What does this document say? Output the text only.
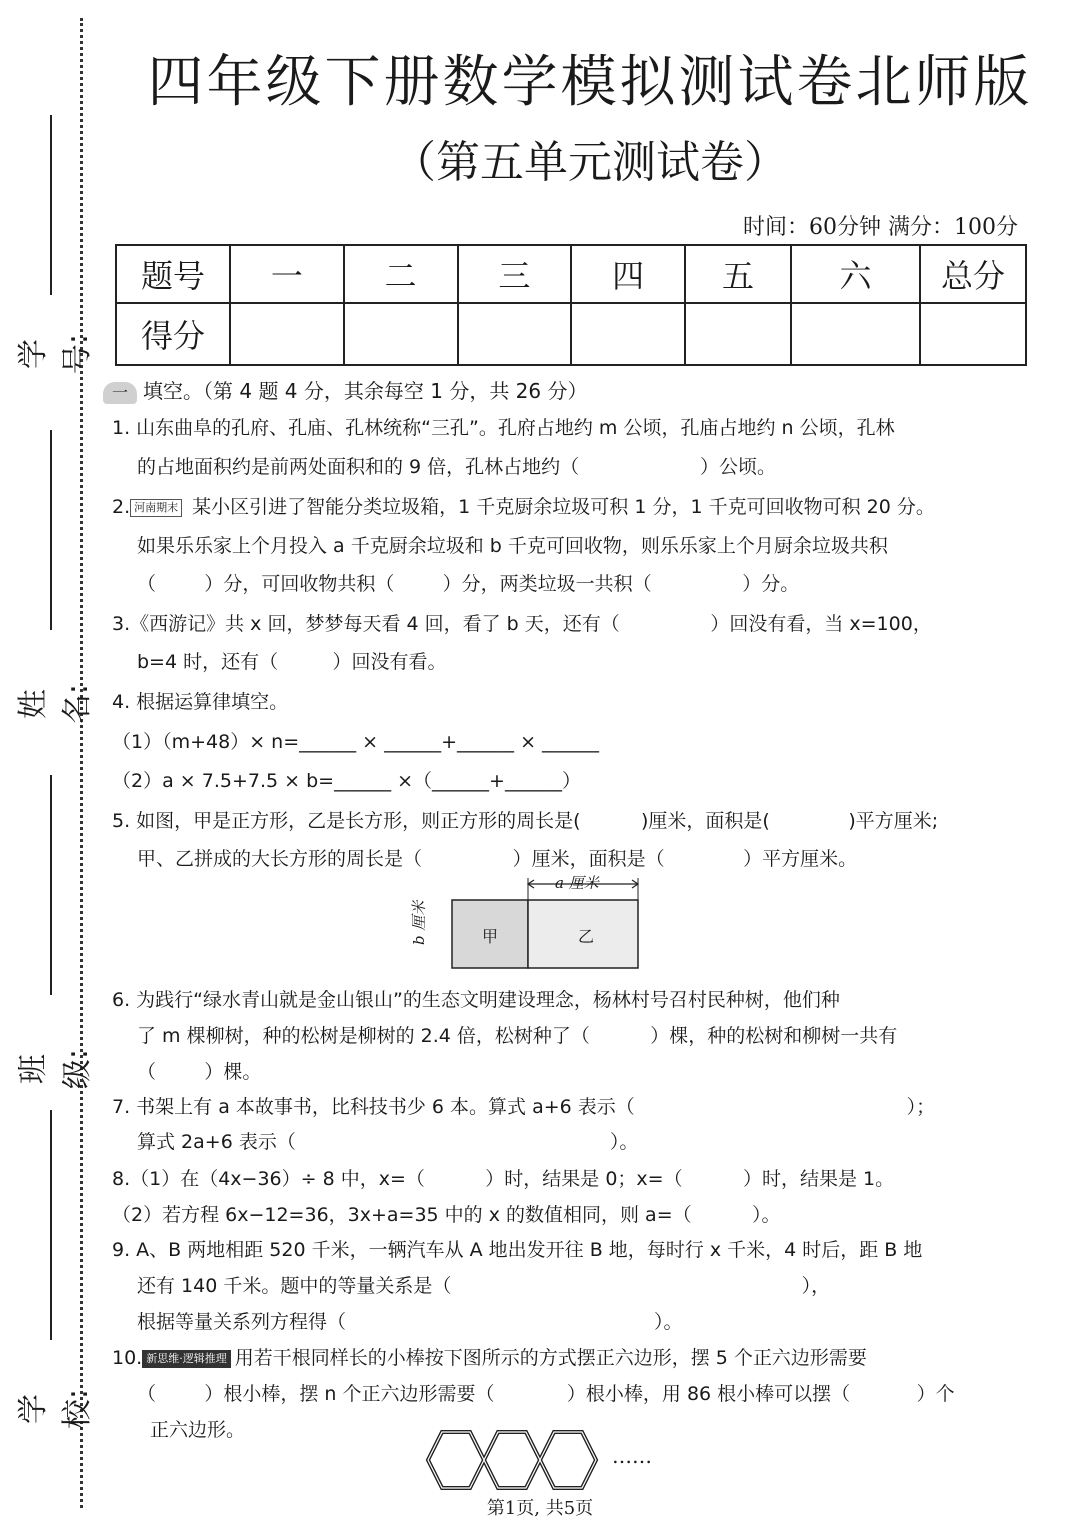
学号:
姓名:
班级:
学校:
四年级下册数学模拟测试卷北师版
（第五单元测试卷）
时间：60分钟 满分：100分
题号	一	二	三	四	五	六	总分
得分							
一 填空。（第 4 题 4 分，其余每空 1 分，共 26 分）
1. 山东曲阜的孔府、孔庙、孔林统称“三孔”。孔府占地约 m 公顷，孔庙占地约 n 公顷，孔林
的占地面积约是前两处面积和的 9 倍，孔林占地约（                    ）公顷。
2. 河南期末 某小区引进了智能分类垃圾箱，1 千克厨余垃圾可积 1 分，1 千克可回收物可积 20 分。
如果乐乐家上个月投入 a 千克厨余垃圾和 b 千克可回收物，则乐乐家上个月厨余垃圾共积
（        ）分，可回收物共积（        ）分，两类垃圾一共积（               ）分。
3.《西游记》共 x 回，梦梦每天看 4 回，看了 b 天，还有（               ）回没有看，当 x=100，
b=4 时，还有（         ）回没有看。
4. 根据运算律填空。
（1）（m+48）× n=______ × ______+______ × ______
（2）a × 7.5+7.5 × b=______ ×（______+______）
5. 如图，甲是正方形，乙是长方形，则正方形的周长是(          )厘米，面积是(             )平方厘米;
甲、乙拼成的大长方形的周长是（               ）厘米，面积是（             ）平方厘米。
a 厘米
b 厘米	甲	乙
6. 为践行“绿水青山就是金山银山”的生态文明建设理念，杨林村号召村民种树，他们种
了 m 棵柳树，种的松树是柳树的 2.4 倍，松树种了（          ）棵，种的松树和柳树一共有
（        ）棵。
7. 书架上有 a 本故事书，比科技书少 6 本。算式 a+6 表示（                                             ）；
算式 2a+6 表示（                                                    ）。
8.（1）在（4x−36）÷ 8 中，x=（          ）时，结果是 0；x=（          ）时，结果是 1。
（2）若方程 6x−12=36，3x+a=35 中的 x 的数值相同，则 a=（          ）。
9. A、B 两地相距 520 千米，一辆汽车从 A 地出发开往 B 地，每时行 x 千米，4 时后，距 B 地
还有 140 千米。题中的等量关系是（                                                          ），
根据等量关系列方程得（                                                   ）。
10. 新思维·逻辑推理 用若干根同样长的小棒按下图所示的方式摆正六边形，摆 5 个正六边形需要
（        ）根小棒，摆 n 个正六边形需要（            ）根小棒，用 86 根小棒可以摆（           ）个
正六边形。
……
第1页, 共5页
